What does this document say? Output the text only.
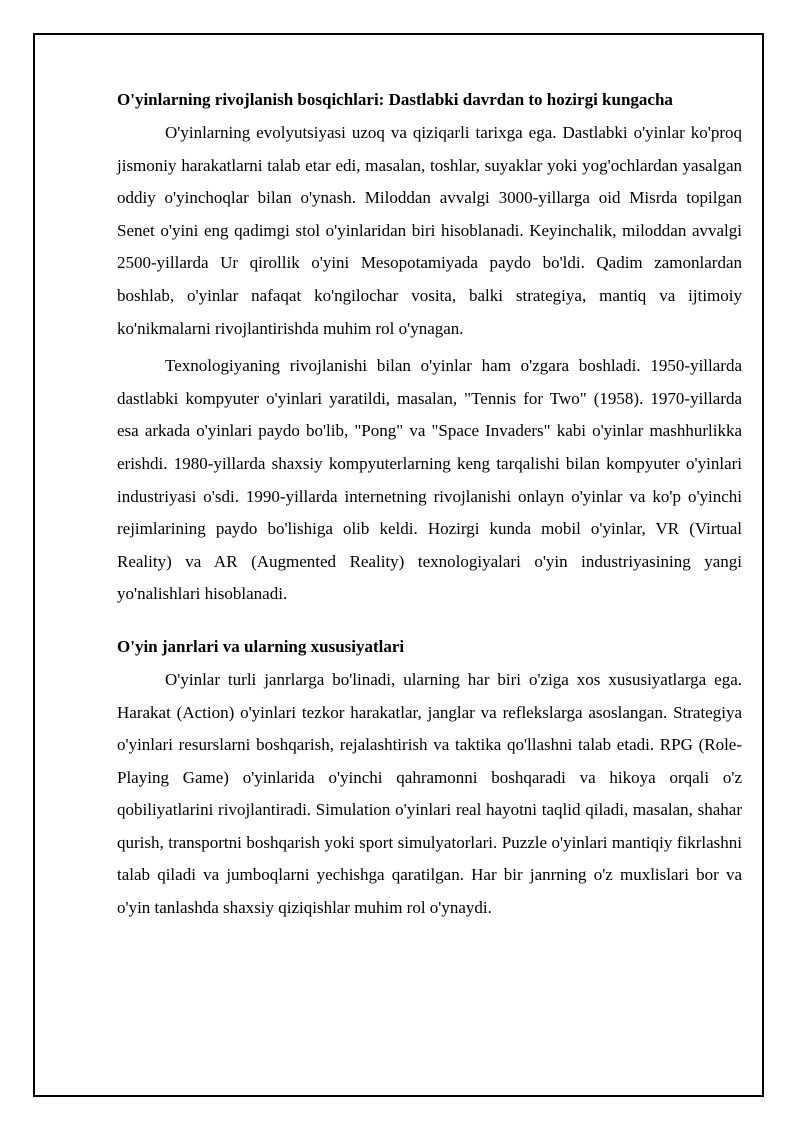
O'yinlarning rivojlanish bosqichlari: Dastlabki davrdan to hozirgi kungacha

O'yinlarning evolyutsiyasi uzoq va qiziqarli tarixga ega. Dastlabki o'yinlar ko'proq jismoniy harakatlarni talab etar edi, masalan, toshlar, suyaklar yoki yog'ochlardan yasalgan oddiy o'yinchoqlar bilan o'ynash. Miloddan avvalgi 3000-yillarga oid Misrda topilgan Senet o'yini eng qadimgi stol o'yinlaridan biri hisoblanadi. Keyinchalik, miloddan avvalgi 2500-yillarda Ur qirollik o'yini Mesopotamiyada paydo bo'ldi. Qadim zamonlardan boshlab, o'yinlar nafaqat ko'ngilochar vosita, balki strategiya, mantiq va ijtimoiy ko'nikmalarni rivojlantirishda muhim rol o'ynagan.

Texnologiyaning rivojlanishi bilan o'yinlar ham o'zgara boshladi. 1950-yillarda dastlabki kompyuter o'yinlari yaratildi, masalan, "Tennis for Two" (1958). 1970-yillarda esa arkada o'yinlari paydo bo'lib, "Pong" va "Space Invaders" kabi o'yinlar mashhurlikka erishdi. 1980-yillarda shaxsiy kompyuterlarning keng tarqalishi bilan kompyuter o'yinlari industriyasi o'sdi. 1990-yillarda internetning rivojlanishi onlayn o'yinlar va ko'p o'yinchi rejimlarining paydo bo'lishiga olib keldi. Hozirgi kunda mobil o'yinlar, VR (Virtual Reality) va AR (Augmented Reality) texnologiyalari o'yin industriyasining yangi yo'nalishlari hisoblanadi.

O'yin janrlari va ularning xususiyatlari

O'yinlar turli janrlarga bo'linadi, ularning har biri o'ziga xos xususiyatlarga ega. Harakat (Action) o'yinlari tezkor harakatlar, janglar va reflekslarga asoslangan. Strategiya o'yinlari resurslarni boshqarish, rejalashtirish va taktika qo'llashni talab etadi. RPG (Role-Playing Game) o'yinlarida o'yinchi qahramonni boshqaradi va hikoya orqali o'z qobiliyatlarini rivojlantiradi. Simulation o'yinlari real hayotni taqlid qiladi, masalan, shahar qurish, transportni boshqarish yoki sport simulyatorlari. Puzzle o'yinlari mantiqiy fikrlashni talab qiladi va jumboqlarni yechishga qaratilgan. Har bir janrning o'z muxlislari bor va o'yin tanlashda shaxsiy qiziqishlar muhim rol o'ynaydi.
